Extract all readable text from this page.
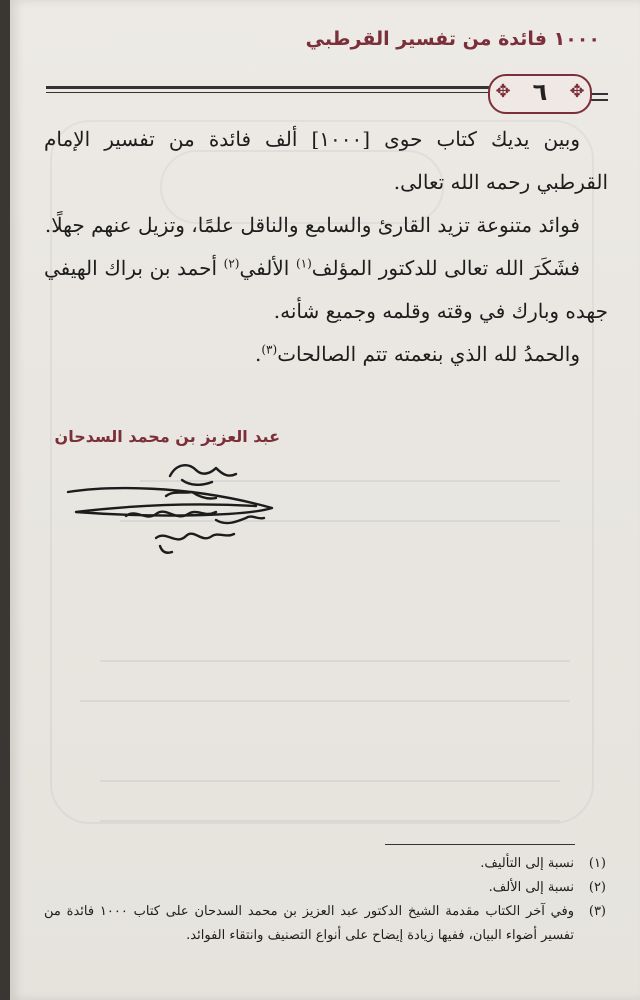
١٠٠٠ فائدة من تفسير القرطبي
✥ ٦	✥

وبين يديك كتاب حوى [١٠٠٠] ألف فائدة من تفسير الإمام القرطبي رحمه الله تعالى.

فوائد متنوعة تزيد القارئ والسامع والناقل علمًا، وتزيل عنهم جهلًا.

فشَكَرَ الله تعالى للدكتور المؤلف$^{(١)}$ الألفي$^{(٢)}$ أحمد بن براك الهيفي جهده وبارك في وقته وقلمه وجميع شأنه.

والحمدُ لله الذي بنعمته تتم الصالحات$^{(٣)}$.

عبد العزيز بن محمد السدحان
(١)
نسبة إلى التأليف.
(٢)
نسبة إلى الألف.
(٣)
وفي آخر الكتاب مقدمة الشيخ الدكتور عبد العزيز بن محمد السدحان على كتاب ١٠٠٠ فائدة من تفسير أضواء البيان، ففيها زيادة إيضاح على أنواع التصنيف وانتقاء الفوائد.
